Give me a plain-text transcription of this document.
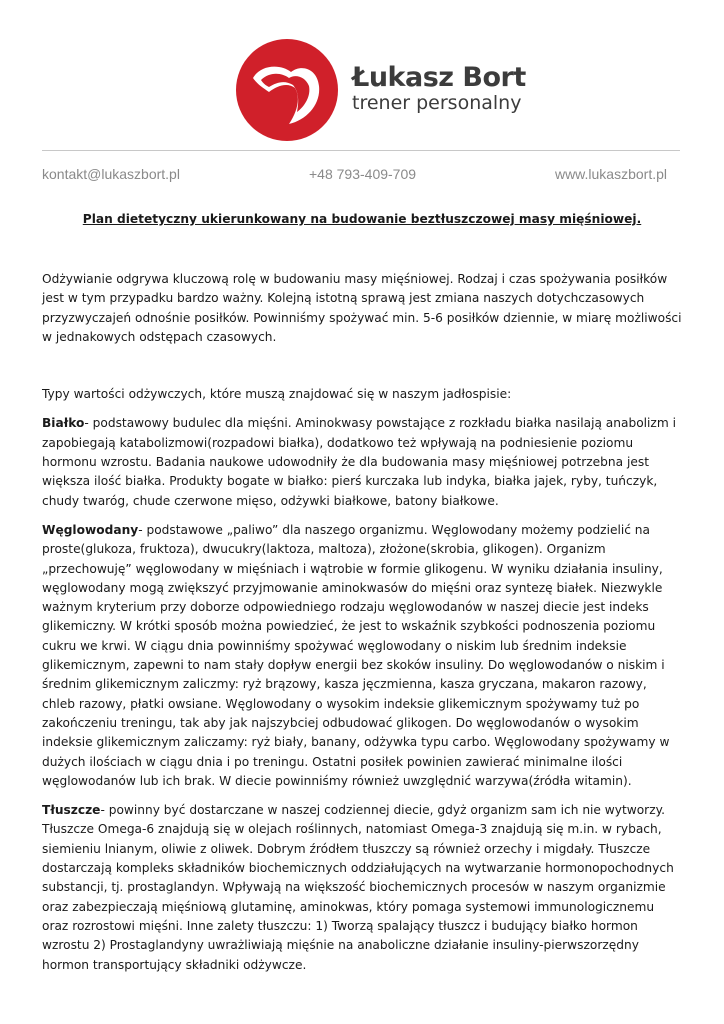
Łukasz Bort
trener personalny
kontakt@lukaszbort.pl	+48 793-409-709	www.lukaszbort.pl
Plan dietetyczny ukierunkowany na budowanie beztłuszczowej masy mięśniowej.

Odżywianie odgrywa kluczową rolę w budowaniu masy mięśniowej. Rodzaj i czas spożywania posiłków jest w tym przypadku bardzo ważny. Kolejną istotną sprawą jest zmiana naszych dotychczasowych przyzwyczajeń odnośnie posiłków. Powinniśmy spożywać min. 5-6 posiłków dziennie, w miarę możliwości w jednakowych odstępach czasowych.

Typy wartości odżywczych, które muszą znajdować się w naszym jadłospisie:

Białko- podstawowy budulec dla mięśni. Aminokwasy powstające z rozkładu białka nasilają anabolizm i zapobiegają katabolizmowi(rozpadowi białka), dodatkowo też wpływają na podniesienie poziomu hormonu wzrostu. Badania naukowe udowodniły że dla budowania masy mięśniowej potrzebna jest większa ilość białka. Produkty bogate w białko: pierś kurczaka lub indyka, białka jajek, ryby, tuńczyk, chudy twaróg, chude czerwone mięso, odżywki białkowe, batony białkowe.

Węglowodany- podstawowe „paliwo” dla naszego organizmu. Węglowodany możemy podzielić na proste(glukoza, fruktoza), dwucukry(laktoza, maltoza), złożone(skrobia, glikogen). Organizm „przechowuję” węglowodany w mięśniach i wątrobie w formie glikogenu. W wyniku działania insuliny, węglowodany mogą zwiększyć przyjmowanie aminokwasów do mięśni oraz syntezę białek. Niezwykle ważnym kryterium przy doborze odpowiedniego rodzaju węglowodanów w naszej diecie jest indeks glikemiczny. W krótki sposób można powiedzieć, że jest to wskaźnik szybkości podnoszenia poziomu cukru we krwi. W ciągu dnia powinniśmy spożywać węglowodany o niskim lub średnim indeksie glikemicznym, zapewni to nam stały dopływ energii bez skoków insuliny. Do węglowodanów o niskim i średnim glikemicznym zaliczmy: ryż brązowy, kasza jęczmienna, kasza gryczana, makaron razowy, chleb razowy, płatki owsiane. Węglowodany o wysokim indeksie glikemicznym spożywamy tuż po zakończeniu treningu, tak aby jak najszybciej odbudować glikogen. Do węglowodanów o wysokim indeksie glikemicznym zaliczamy: ryż biały, banany, odżywka typu carbo. Węglowodany spożywamy w dużych ilościach w ciągu dnia i po treningu. Ostatni posiłek powinien zawierać minimalne ilości węglowodanów lub ich brak. W diecie powinniśmy również uwzględnić warzywa(źródła witamin).

Tłuszcze- powinny być dostarczane w naszej codziennej diecie, gdyż organizm sam ich nie wytworzy. Tłuszcze Omega-6 znajdują się w olejach roślinnych, natomiast Omega-3 znajdują się m.in. w rybach, siemieniu lnianym, oliwie z oliwek. Dobrym źródłem tłuszczy są również orzechy i migdały. Tłuszcze dostarczają kompleks składników biochemicznych oddziałujących na wytwarzanie hormonopochodnych substancji, tj. prostaglandyn. Wpływają na większość biochemicznych procesów w naszym organizmie oraz zabezpieczają mięśniową glutaminę, aminokwas, który pomaga systemowi immunologicznemu oraz rozrostowi mięśni. Inne zalety tłuszczu: 1) Tworzą spalający tłuszcz i budujący białko hormon wzrostu 2) Prostaglandyny uwrażliwiają mięśnie na anaboliczne działanie insuliny-pierwszorzędny hormon transportujący składniki odżywcze.
